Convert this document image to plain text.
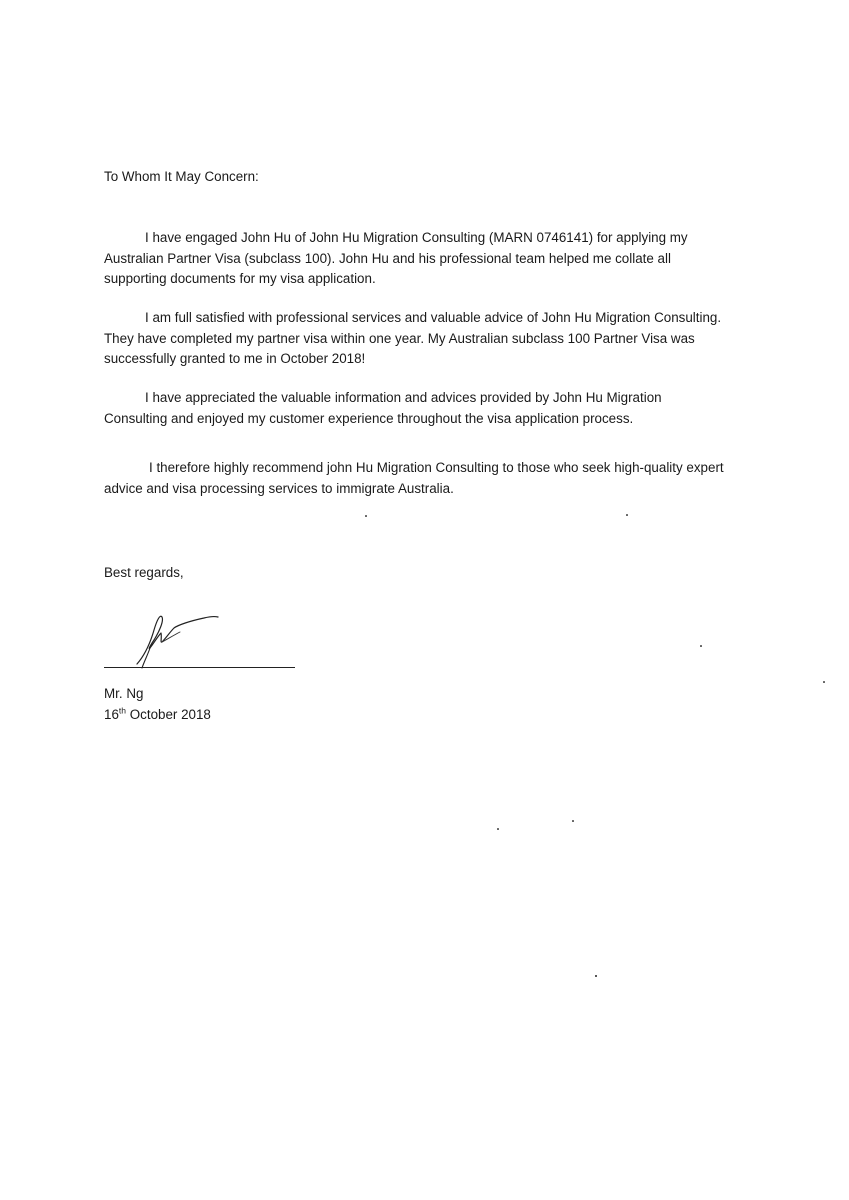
To Whom It May Concern:

I have engaged John Hu of John Hu Migration Consulting (MARN 0746141) for applying my Australian Partner Visa (subclass 100). John Hu and his professional team helped me collate all supporting documents for my visa application.

I am full satisfied with professional services and valuable advice of John Hu Migration Consulting. They have completed my partner visa within one year. My Australian subclass 100 Partner Visa was successfully granted to me in October 2018!

I have appreciated the valuable information and advices provided by John Hu Migration Consulting and enjoyed my customer experience throughout the visa application process.

I therefore highly recommend john Hu Migration Consulting to those who seek high-quality expert advice and visa processing services to immigrate Australia.

Best regards,

Mr. Ng

16th October 2018
